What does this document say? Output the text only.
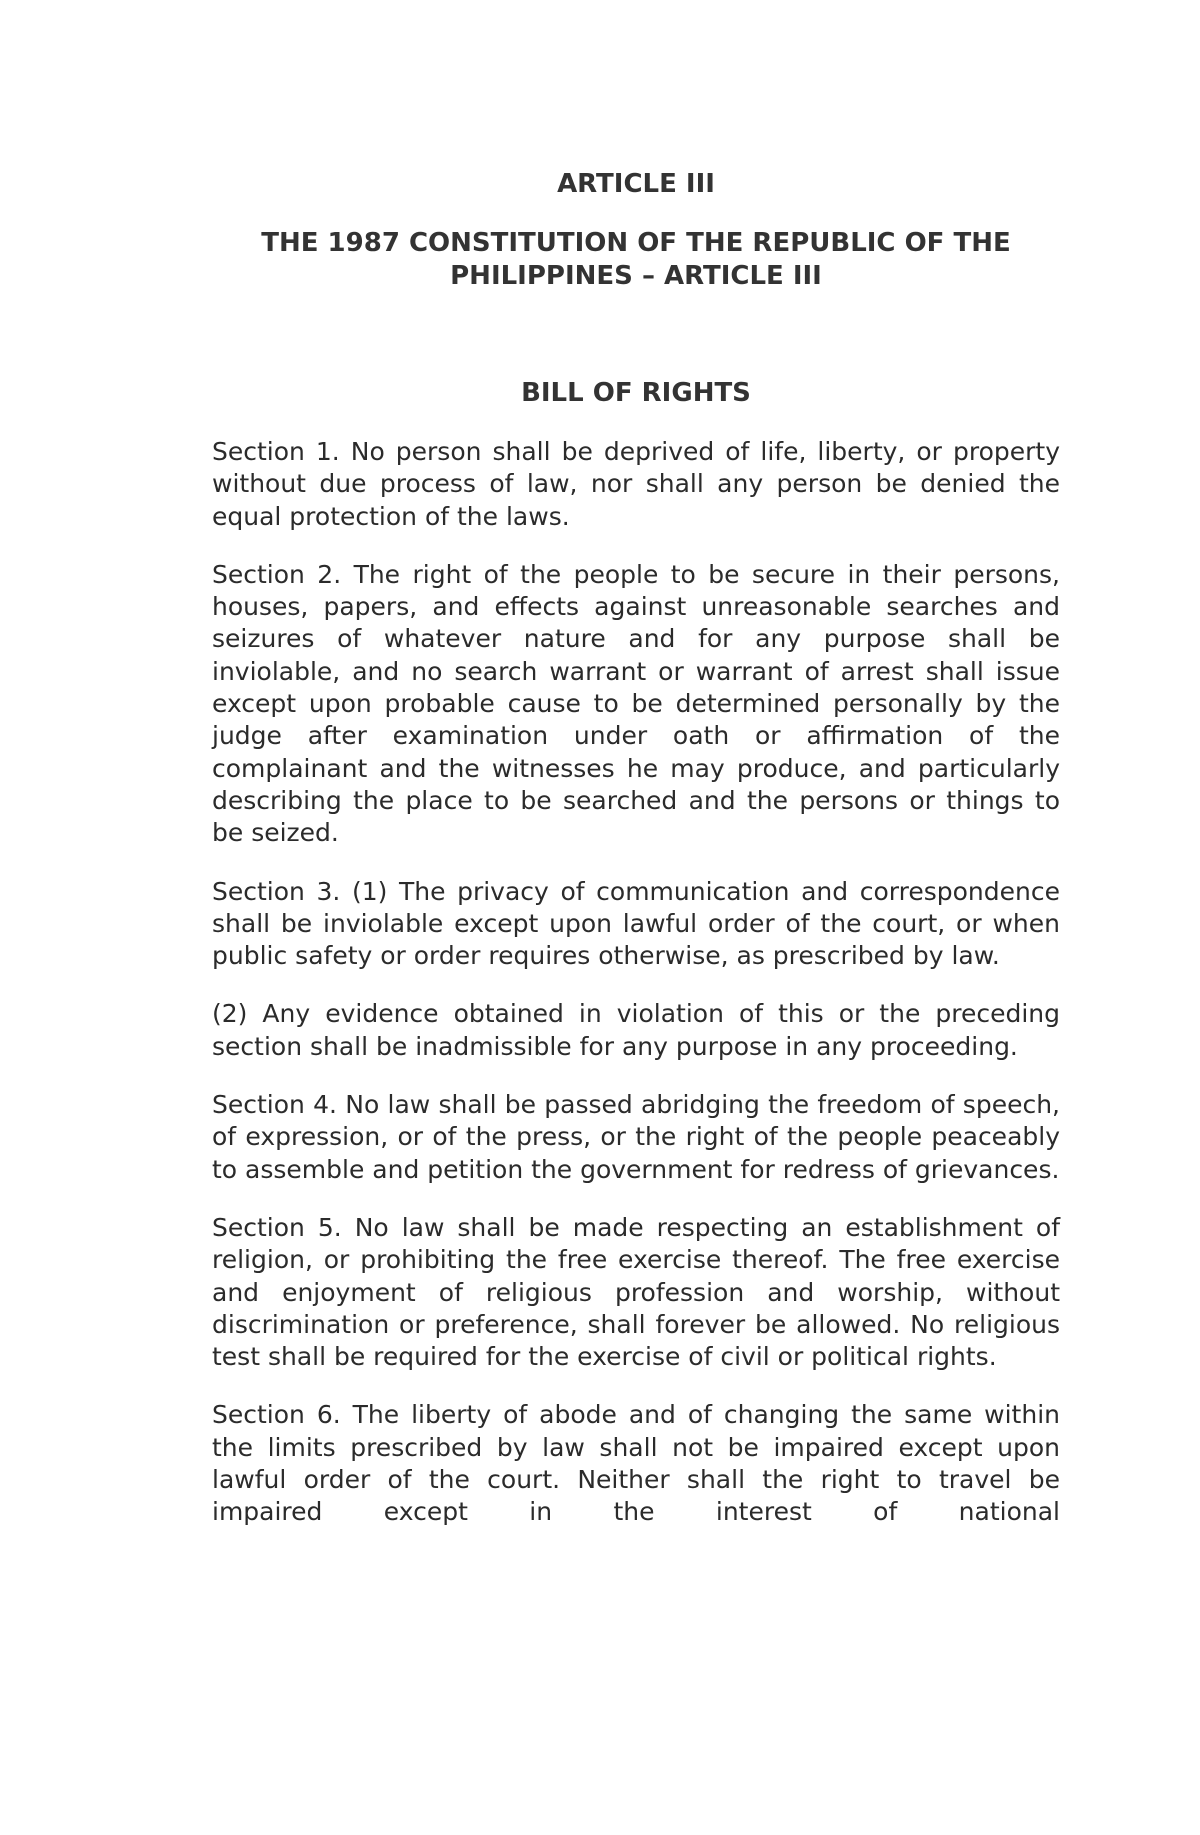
ARTICLE III
THE 1987 CONSTITUTION OF THE REPUBLIC OF THE PHILIPPINES – ARTICLE III
BILL OF RIGHTS

Section 1. No person shall be deprived of life, liberty, or property without due process of law, nor shall any person be denied the equal protection of the laws.

Section 2. The right of the people to be secure in their persons, houses, papers, and effects against unreasonable searches and seizures of whatever nature and for any purpose shall be inviolable, and no search warrant or warrant of arrest shall issue except upon probable cause to be determined personally by the judge after examination under oath or affirmation of the complainant and the witnesses he may produce, and particularly describing the place to be searched and the persons or things to be seized.

Section 3. (1) The privacy of communication and correspondence shall be inviolable except upon lawful order of the court, or when public safety or order requires otherwise, as prescribed by law.

(2) Any evidence obtained in violation of this or the preceding section shall be inadmissible for any purpose in any proceeding.

Section 4. No law shall be passed abridging the freedom of speech, of expression, or of the press, or the right of the people peaceably to assemble and petition the government for redress of grievances.

Section 5. No law shall be made respecting an establishment of religion, or prohibiting the free exercise thereof. The free exercise and enjoyment of religious profession and worship, without discrimination or preference, shall forever be allowed. No religious test shall be required for the exercise of civil or political rights.

Section 6. The liberty of abode and of changing the same within the limits prescribed by law shall not be impaired except upon lawful order of the court. Neither shall the right to travel be impaired except in the interest of national
